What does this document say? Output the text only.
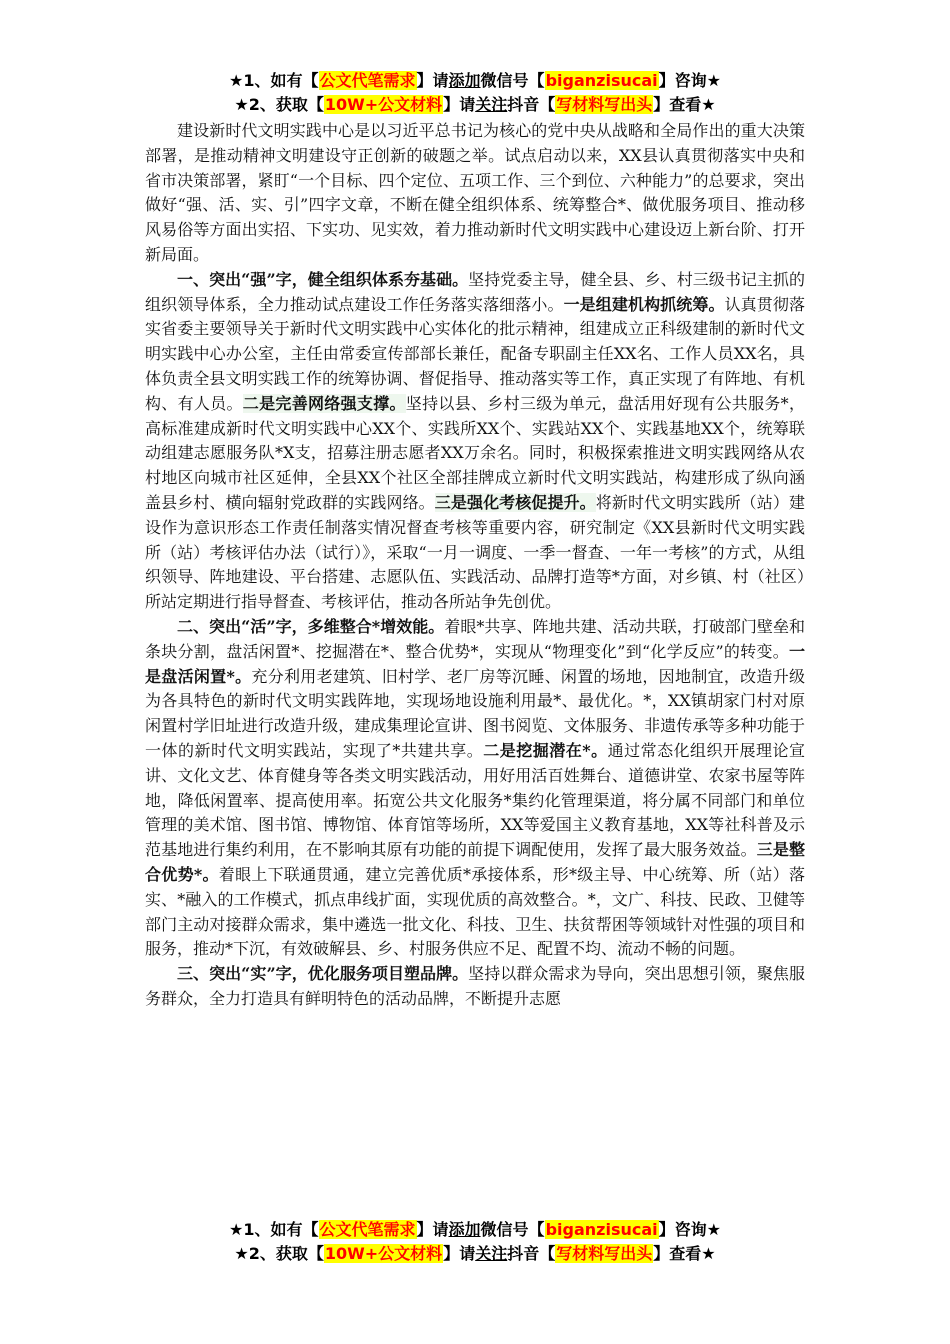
★1、如有【公文代笔需求】请添加微信号【biganzisucai】咨询★
★2、获取【10W+公文材料】请关注抖音【写材料写出头】查看★

建设新时代文明实践中心是以习近平总书记为核心的党中央从战略和全局作出的重大决策部署，是推动精神文明建设守正创新的破题之举。试点启动以来，XX县认真贯彻落实中央和省市决策部署，紧盯“一个目标、四个定位、五项工作、三个到位、六种能力”的总要求，突出做好“强、活、实、引”四字文章，不断在健全组织体系、统筹整合*、做优服务项目、推动移风易俗等方面出实招、下实功、见实效，着力推动新时代文明实践中心建设迈上新台阶、打开新局面。

一、突出“强”字，健全组织体系夯基础。坚持党委主导，健全县、乡、村三级书记主抓的组织领导体系，全力推动试点建设工作任务落实落细落小。一是组建机构抓统筹。认真贯彻落实省委主要领导关于新时代文明实践中心实体化的批示精神，组建成立正科级建制的新时代文明实践中心办公室，主任由常委宣传部部长兼任，配备专职副主任XX名、工作人员XX名，具体负责全县文明实践工作的统筹协调、督促指导、推动落实等工作，真正实现了有阵地、有机构、有人员。二是完善网络强支撑。坚持以县、乡村三级为单元，盘活用好现有公共服务*，高标准建成新时代文明实践中心XX个、实践所XX个、实践站XX个、实践基地XX个，统筹联动组建志愿服务队*X支，招募注册志愿者XX万余名。同时，积极探索推进文明实践网络从农村地区向城市社区延伸，全县XX个社区全部挂牌成立新时代文明实践站，构建形成了纵向涵盖县乡村、横向辐射党政群的实践网络。三是强化考核促提升。将新时代文明实践所（站）建设作为意识形态工作责任制落实情况督查考核等重要内容，研究制定《XX县新时代文明实践所（站）考核评估办法（试行）》，采取“一月一调度、一季一督查、一年一考核”的方式，从组织领导、阵地建设、平台搭建、志愿队伍、实践活动、品牌打造等*方面，对乡镇、村（社区）所站定期进行指导督查、考核评估，推动各所站争先创优。

二、突出“活”字，多维整合*增效能。着眼*共享、阵地共建、活动共联，打破部门壁垒和条块分割，盘活闲置*、挖掘潜在*、整合优势*，实现从“物理变化”到“化学反应”的转变。一是盘活闲置*。充分利用老建筑、旧村学、老厂房等沉睡、闲置的场地，因地制宜，改造升级为各具特色的新时代文明实践阵地，实现场地设施利用最*、最优化。*，XX镇胡家门村对原闲置村学旧址进行改造升级，建成集理论宣讲、图书阅览、文体服务、非遗传承等多种功能于一体的新时代文明实践站，实现了*共建共享。二是挖掘潜在*。通过常态化组织开展理论宣讲、文化文艺、体育健身等各类文明实践活动，用好用活百姓舞台、道德讲堂、农家书屋等阵地，降低闲置率、提高使用率。拓宽公共文化服务*集约化管理渠道，将分属不同部门和单位管理的美术馆、图书馆、博物馆、体育馆等场所，XX等爱国主义教育基地，XX等社科普及示范基地进行集约利用，在不影响其原有功能的前提下调配使用，发挥了最大服务效益。三是整合优势*。着眼上下联通贯通，建立完善优质*承接体系，形*级主导、中心统筹、所（站）落实、*融入的工作模式，抓点串线扩面，实现优质的高效整合。*，文广、科技、民政、卫健等部门主动对接群众需求，集中遴选一批文化、科技、卫生、扶贫帮困等领域针对性强的项目和服务，推动*下沉，有效破解县、乡、村服务供应不足、配置不均、流动不畅的问题。

三、突出“实”字，优化服务项目塑品牌。坚持以群众需求为导向，突出思想引领，聚焦服务群众，全力打造具有鲜明特色的活动品牌，不断提升志愿

★1、如有【公文代笔需求】请添加微信号【biganzisucai】咨询★
★2、获取【10W+公文材料】请关注抖音【写材料写出头】查看★
